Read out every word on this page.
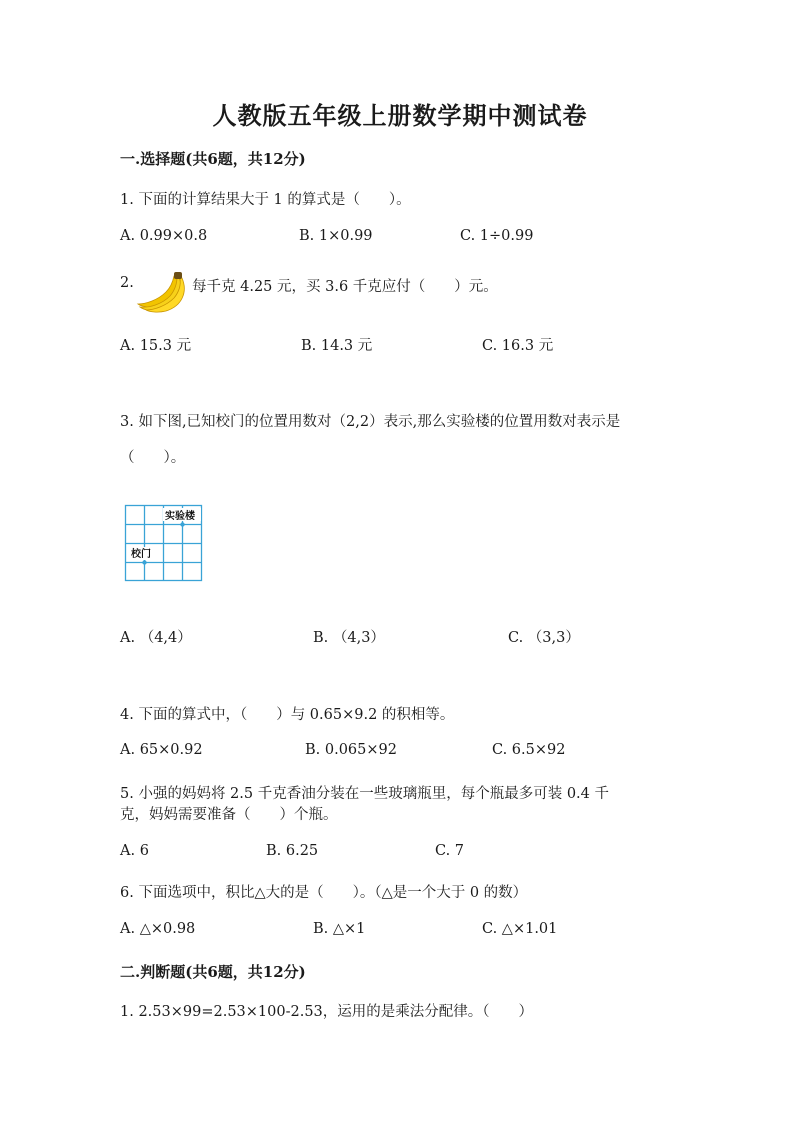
人教版五年级上册数学期中测试卷
一.选择题(共6题，共12分)
1. 下面的计算结果大于 1 的算式是（　　）。
A. 0.99×0.8	B. 1×0.99	C. 1÷0.99
2.	每千克 4.25 元，买 3.6 千克应付（　　）元。
A. 15.3 元	B. 14.3 元	C. 16.3 元
3. 如下图,已知校门的位置用数对（2,2）表示,那么实验楼的位置用数对表示是
（　　）。
实验楼
校门
A. （4,4）	B. （4,3）	C. （3,3）
4. 下面的算式中，（　　）与 0.65×9.2 的积相等。
A. 65×0.92	B. 0.065×92	C. 6.5×92
5. 小强的妈妈将 2.5 千克香油分装在一些玻璃瓶里，每个瓶最多可装 0.4 千
克，妈妈需要准备（　　）个瓶。
A. 6	B. 6.25	C. 7
6. 下面选项中，积比△大的是（　　）。（△是一个大于 0 的数）
A. △×0.98	B. △×1	C. △×1.01
二.判断题(共6题，共12分)
1. 2.53×99=2.53×100-2.53，运用的是乘法分配律。（　　）
